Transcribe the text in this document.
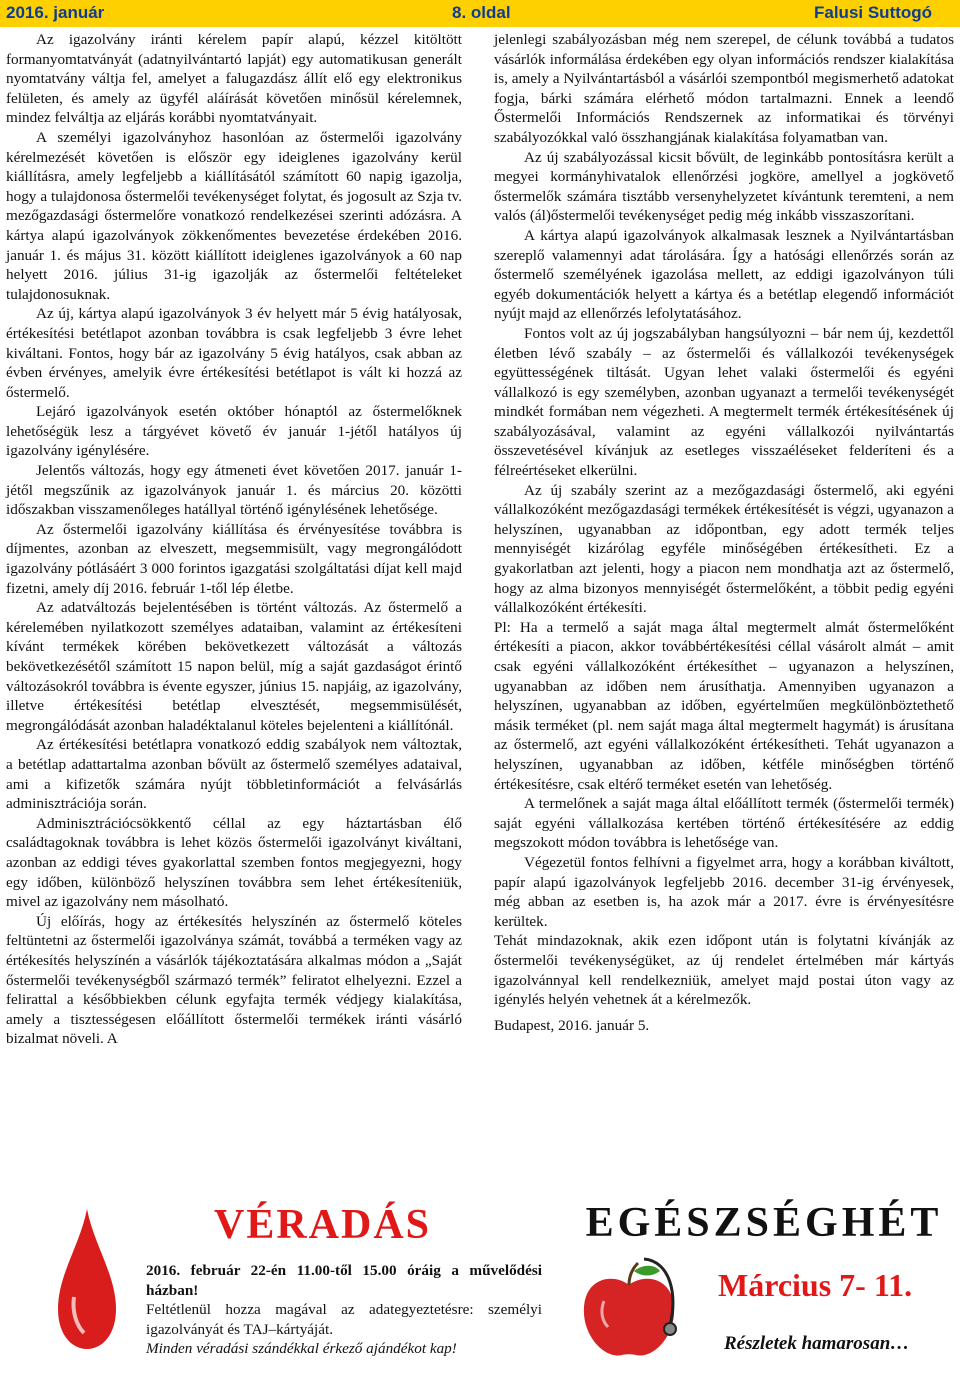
2016. január	8. oldal	Falusi Suttogó

Az igazolvány iránti kérelem papír alapú, kézzel kitöltött formanyomtatványát (adatnyilvántartó lapját) egy automatikusan generált nyomtatvány váltja fel, amelyet a falugazdász állít elő egy elektronikus felületen, és amely az ügyfél aláírását követően minősül kérelemnek, mindez felváltja az eljárás korábbi nyomtatványait.

A személyi igazolványhoz hasonlóan az őstermelői igazolvány kérelmezését követően is először egy ideiglenes igazolvány kerül kiállításra, amely legfeljebb a kiállításától számított 60 napig igazolja, hogy a tulajdonosa őstermelői tevékenységet folytat, és jogosult az Szja tv. mezőgazdasági őstermelőre vonatkozó rendelkezései szerinti adózásra. A kártya alapú igazolványok zökkenőmentes bevezetése érdekében 2016. január 1. és május 31. között kiállított ideiglenes igazolványok a 60 nap helyett 2016. július 31-ig igazolják az őstermelői feltételeket tulajdonosuknak.

Az új, kártya alapú igazolványok 3 év helyett már 5 évig hatályosak, értékesítési betétlapot azonban továbbra is csak legfeljebb 3 évre lehet kiváltani. Fontos, hogy bár az igazolvány 5 évig hatályos, csak abban az évben érvényes, amelyik évre értékesítési betétlapot is vált ki hozzá az őstermelő.

Lejáró igazolványok esetén október hónaptól az őstermelőknek lehetőségük lesz a tárgyévet követő év január 1-jétől hatályos új igazolvány igénylésére.

Jelentős változás, hogy egy átmeneti évet követően 2017. január 1-jétől megszűnik az igazolványok január 1. és március 20. közötti időszakban visszamenőleges hatállyal történő igénylésének lehetősége.

Az őstermelői igazolvány kiállítása és érvényesítése továbbra is díjmentes, azonban az elveszett, megsemmisült, vagy megrongálódott igazolvány pótlásáért 3 000 forintos igazgatási szolgáltatási díjat kell majd fizetni, amely díj 2016. február 1-től lép életbe.

Az adatváltozás bejelentésében is történt változás. Az őstermelő a kérelemében nyilatkozott személyes adataiban, valamint az értékesíteni kívánt termékek körében bekövetkezett változását a változás bekövetkezésétől számított 15 napon belül, míg a saját gazdaságot érintő változásokról továbbra is évente egyszer, június 15. napjáig, az igazolvány, illetve értékesítési betétlap elvesztését, megsemmisülését, megrongálódását azonban haladéktalanul köteles bejelenteni a kiállítónál.

Az értékesítési betétlapra vonatkozó eddig szabályok nem változtak, a betétlap adattartalma azonban bővült az őstermelő személyes adataival, ami a kifizetők számára nyújt többletinformációt a felvásárlás adminisztrációja során.

Adminisztrációcsökkentő céllal az egy háztartásban élő családtagoknak továbbra is lehet közös őstermelői igazolványt kiváltani, azonban az eddigi téves gyakorlattal szemben fontos megjegyezni, hogy egy időben, különböző helyszínen továbbra sem lehet értékesíteniük, mivel az igazolvány nem másolható.

Új előírás, hogy az értékesítés helyszínén az őstermelő köteles feltüntetni az őstermelői igazolványa számát, továbbá a terméken vagy az értékesítés helyszínén a vásárlók tájékoztatására alkalmas módon a „Saját őstermelői tevékenységből származó termék” feliratot elhelyezni. Ezzel a felirattal a későbbiekben célunk egyfajta termék védjegy kialakítása, amely a tisztességesen előállított őstermelői termékek iránti vásárló bizalmat növeli. A

jelenlegi szabályozásban még nem szerepel, de célunk továbbá a tudatos vásárlók informálása érdekében egy olyan információs rendszer kialakítása is, amely a Nyilvántartásból a vásárlói szempontból megismerhető adatokat fogja, bárki számára elérhető módon tartalmazni. Ennek a leendő Őstermelői Információs Rendszernek az informatikai és törvényi szabályozókkal való összhangjának kialakítása folyamatban van.

Az új szabályozással kicsit bővült, de leginkább pontosításra került a megyei kormányhivatalok ellenőrzési jogköre, amellyel a jogkövető őstermelők számára tisztább versenyhelyzetet kívántunk teremteni, a nem valós (ál)őstermelői tevékenységet pedig még inkább visszaszorítani.

A kártya alapú igazolványok alkalmasak lesznek a Nyilvántartásban szereplő valamennyi adat tárolására. Így a hatósági ellenőrzés során az őstermelő személyének igazolása mellett, az eddigi igazolványon túli egyéb dokumentációk helyett a kártya és a betétlap elegendő információt nyújt majd az ellenőrzés lefolytatásához.

Fontos volt az új jogszabályban hangsúlyozni – bár nem új, kezdettől életben lévő szabály – az őstermelői és vállalkozói tevékenységek együttességének tiltását. Ugyan lehet valaki őstermelői és egyéni vállalkozó is egy személyben, azonban ugyanazt a termelői tevékenységét mindkét formában nem végezheti. A megtermelt termék értékesítésének új szabályozásával, valamint az egyéni vállalkozói nyilvántartás összevetésével kívánjuk az esetleges visszaéléseket felderíteni és a félreértéseket elkerülni.

Az új szabály szerint az a mezőgazdasági őstermelő, aki egyéni vállalkozóként mezőgazdasági termékek értékesítését is végzi, ugyanazon a helyszínen, ugyanabban az időpontban, egy adott termék teljes mennyiségét kizárólag egyféle minőségében értékesítheti. Ez a gyakorlatban azt jelenti, hogy a piacon nem mondhatja azt az őstermelő, hogy az alma bizonyos mennyiségét őstermelőként, a többit pedig egyéni vállalkozóként értékesíti.

Pl: Ha a termelő a saját maga által megtermelt almát őstermelőként értékesíti a piacon, akkor továbbértékesítési céllal vásárolt almát – amit csak egyéni vállalkozóként értékesíthet – ugyanazon a helyszínen, ugyanabban az időben nem árusíthatja. Amennyiben ugyanazon a helyszínen, ugyanabban az időben, egyértelműen megkülönböztethető másik terméket (pl. nem saját maga által megtermelt hagymát) is árusítana az őstermelő, azt egyéni vállalkozóként értékesítheti. Tehát ugyanazon a helyszínen, ugyanabban az időben, kétféle minőségben történő értékesítésre, csak eltérő terméket esetén van lehetőség.

A termelőnek a saját maga által előállított termék (őstermelői termék) saját egyéni vállalkozása kertében történő értékesítésére az eddig megszokott módon továbbra is lehetősége van.

Végezetül fontos felhívni a figyelmet arra, hogy a korábban kiváltott, papír alapú igazolványok legfeljebb 2016. december 31-ig érvényesek, még abban az esetben is, ha azok már a 2017. évre is érvényesítésre kerültek.

Tehát mindazoknak, akik ezen időpont után is folytatni kívánják az őstermelői tevékenységüket, az új rendelet értelmében már kártyás igazolvánnyal kell rendelkezniük, amelyet majd postai úton vagy az igénylés helyén vehetnek át a kérelmezők.

Budapest, 2016. január 5.

VÉRADÁS
2016. február 22-én 11.00-től 15.00 óráig a művelődési házban!
Feltétlenül hozza magával az adategyeztetésre: személyi igazolványát és TAJ–kártyáját.
Minden véradási szándékkal érkező ajándékot kap!
EGÉSZSÉGHÉT
Március 7- 11.
Részletek hamarosan…
